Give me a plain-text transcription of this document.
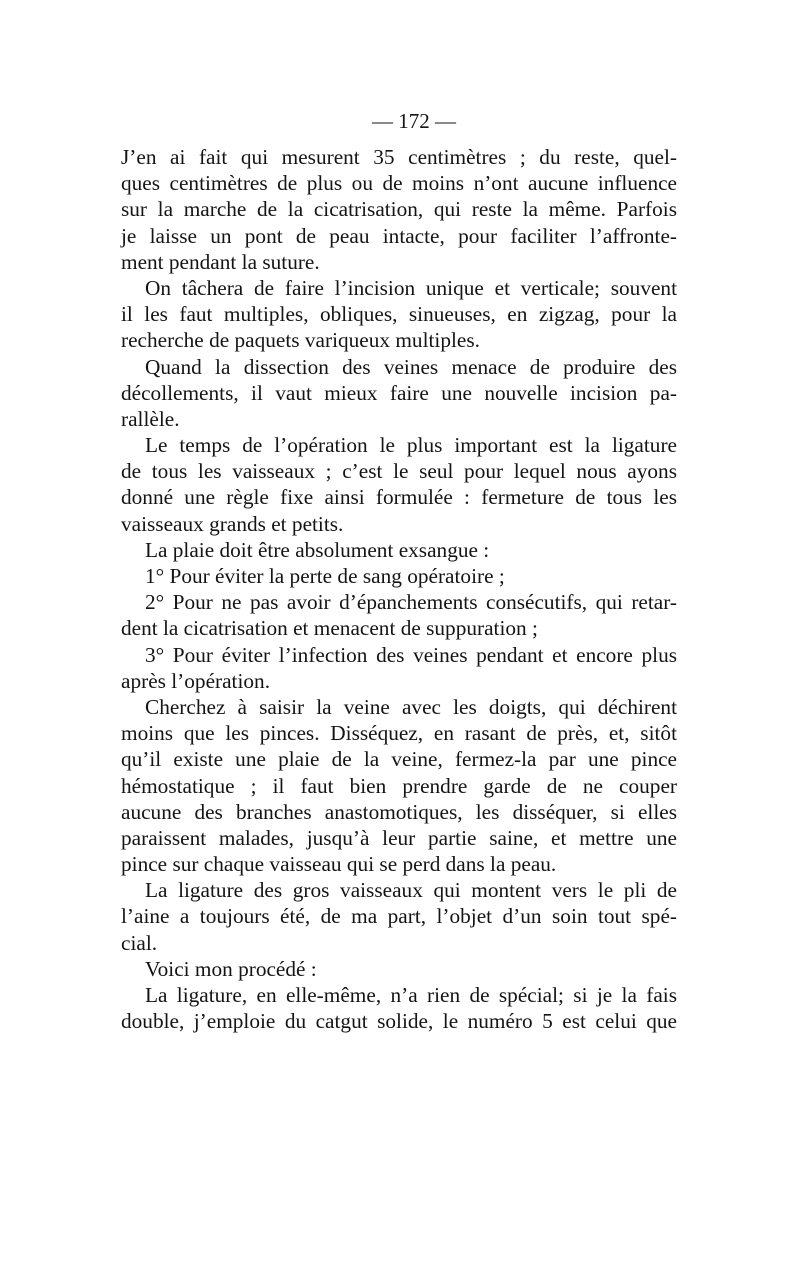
— 172 —

J’en ai fait qui mesurent 35 centimètres ; du reste, quel-
ques centimètres de plus ou de moins n’ont aucune influence
sur la marche de la cicatrisation, qui reste la même. Parfois
je laisse un pont de peau intacte, pour faciliter l’affronte-
ment pendant la suture.

On tâchera de faire l’incision unique et verticale; souvent
il les faut multiples, obliques, sinueuses, en zigzag, pour la
recherche de paquets variqueux multiples.

Quand la dissection des veines menace de produire des
décollements, il vaut mieux faire une nouvelle incision pa-
rallèle.

Le temps de l’opération le plus important est la ligature
de tous les vaisseaux ; c’est le seul pour lequel nous ayons
donné une règle fixe ainsi formulée : fermeture de tous les
vaisseaux grands et petits.

La plaie doit être absolument exsangue :

1° Pour éviter la perte de sang opératoire ;

2° Pour ne pas avoir d’épanchements consécutifs, qui retar-
dent la cicatrisation et menacent de suppuration ;

3° Pour éviter l’infection des veines pendant et encore plus
après l’opération.

Cherchez à saisir la veine avec les doigts, qui déchirent
moins que les pinces. Disséquez, en rasant de près, et, sitôt
qu’il existe une plaie de la veine, fermez-la par une pince
hémostatique ; il faut bien prendre garde de ne couper
aucune des branches anastomotiques, les disséquer, si elles
paraissent malades, jusqu’à leur partie saine, et mettre une
pince sur chaque vaisseau qui se perd dans la peau.

La ligature des gros vaisseaux qui montent vers le pli de
l’aine a toujours été, de ma part, l’objet d’un soin tout spé-
cial.

Voici mon procédé :

La ligature, en elle-même, n’a rien de spécial; si je la fais
double, j’emploie du catgut solide, le numéro 5 est celui que
